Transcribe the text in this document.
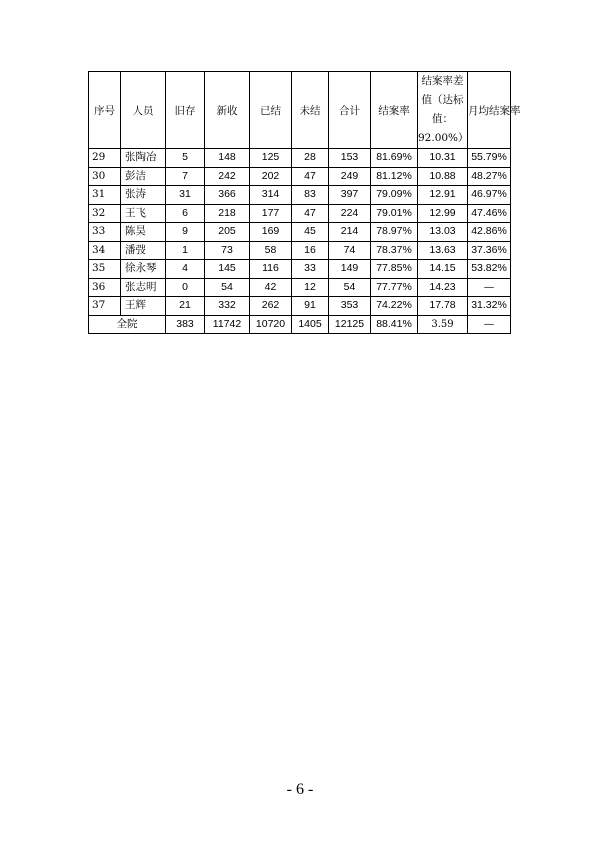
序号	人员	旧存	新收	已结	未结	合计	结案率	结案率差值（达标值：92.00%）	月均结案率
29	张陶冶	5	148	125	28	153	81.69%	10.31	55.79%
30	彭洁	7	242	202	47	249	81.12%	10.88	48.27%
31	张涛	31	366	314	83	397	79.09%	12.91	46.97%
32	王飞	6	218	177	47	224	79.01%	12.99	47.46%
33	陈昊	9	205	169	45	214	78.97%	13.03	42.86%
34	潘弢	1	73	58	16	74	78.37%	13.63	37.36%
35	徐永琴	4	145	116	33	149	77.85%	14.15	53.82%
36	张志明	0	54	42	12	54	77.77%	14.23	—
37	王辉	21	332	262	91	353	74.22%	17.78	31.32%
全院		383	11742	10720	1405	12125	88.41%	3.59	—
- 6 -
